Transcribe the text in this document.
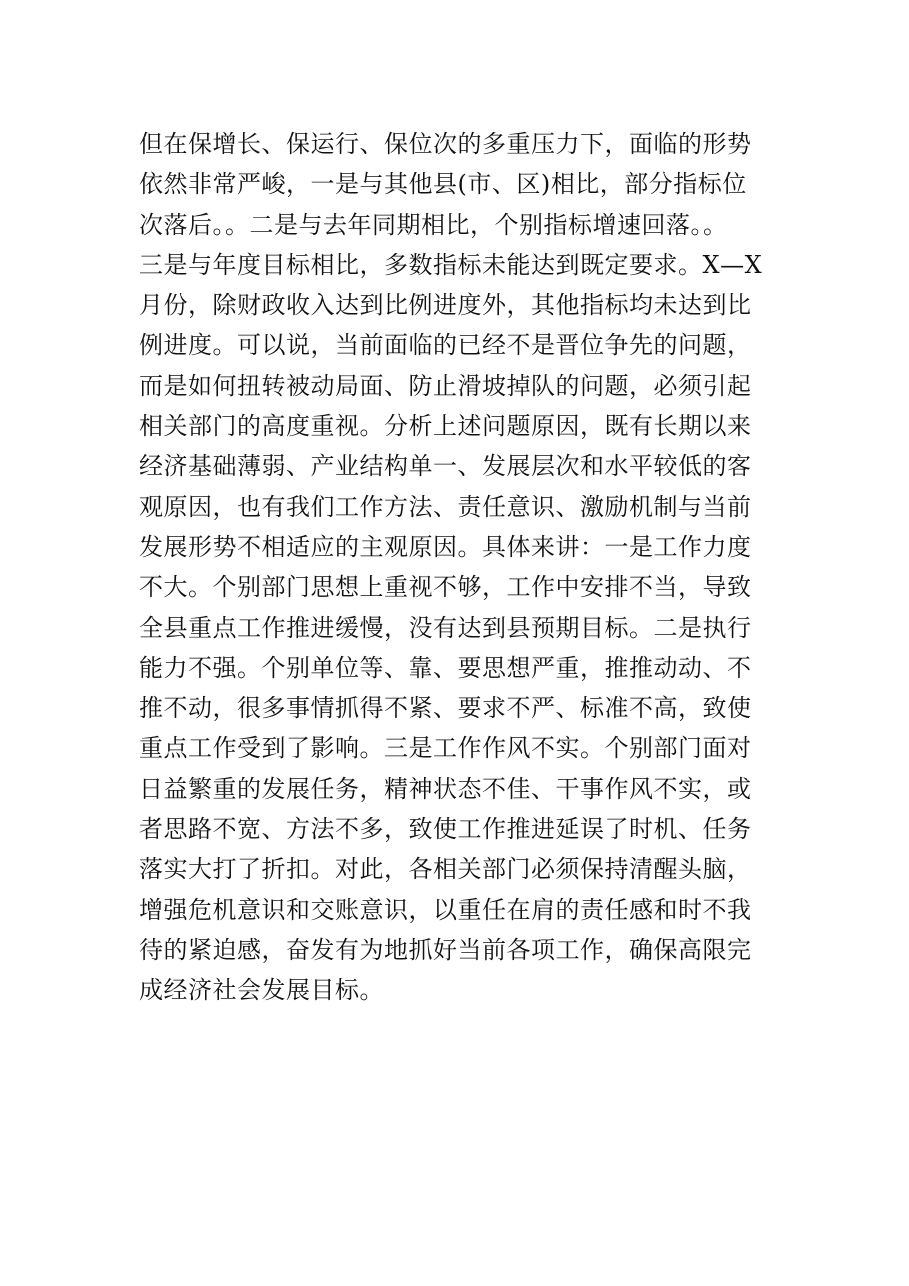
但在保增长、保运行、保位次的多重压力下，面临的形势
依然非常严峻，一是与其他县(市、区)相比，部分指标位
次落后。。二是与去年同期相比，个别指标增速回落。。
三是与年度目标相比，多数指标未能达到既定要求。X—X
月份，除财政收入达到比例进度外，其他指标均未达到比
例进度。可以说，当前面临的已经不是晋位争先的问题，
而是如何扭转被动局面、防止滑坡掉队的问题，必须引起
相关部门的高度重视。分析上述问题原因，既有长期以来
经济基础薄弱、产业结构单一、发展层次和水平较低的客
观原因，也有我们工作方法、责任意识、激励机制与当前
发展形势不相适应的主观原因。具体来讲：一是工作力度
不大。个别部门思想上重视不够，工作中安排不当，导致
全县重点工作推进缓慢，没有达到县预期目标。二是执行
能力不强。个别单位等、靠、要思想严重，推推动动、不
推不动，很多事情抓得不紧、要求不严、标准不高，致使
重点工作受到了影响。三是工作作风不实。个别部门面对
日益繁重的发展任务，精神状态不佳、干事作风不实，或
者思路不宽、方法不多，致使工作推进延误了时机、任务
落实大打了折扣。对此，各相关部门必须保持清醒头脑，
增强危机意识和交账意识，以重任在肩的责任感和时不我
待的紧迫感，奋发有为地抓好当前各项工作，确保高限完
成经济社会发展目标。
